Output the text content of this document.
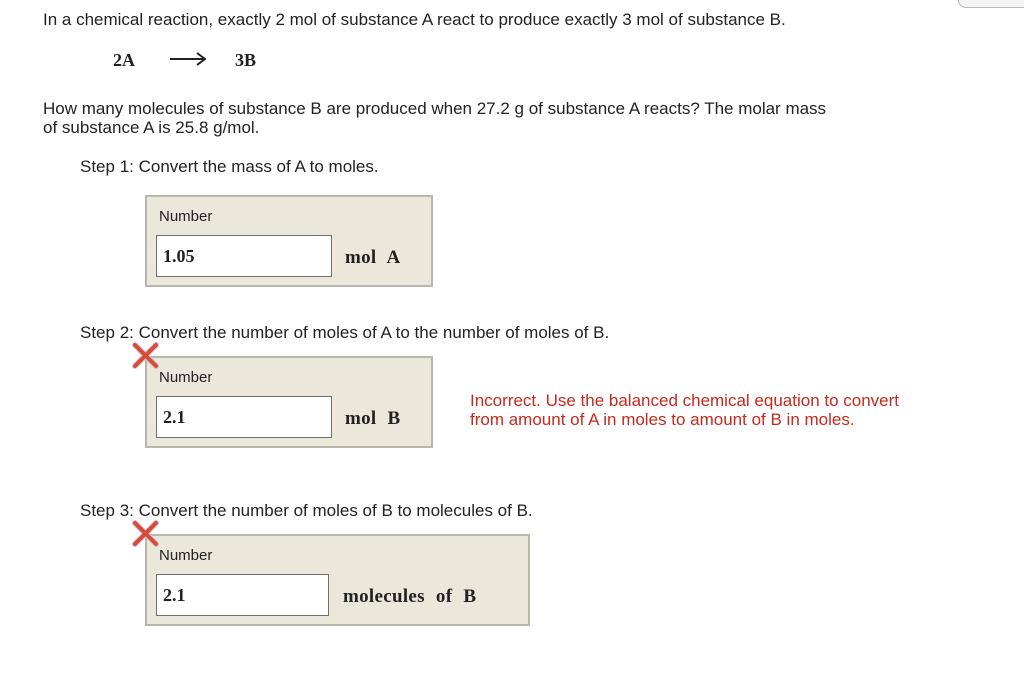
In a chemical reaction, exactly 2 mol of substance A react to produce exactly 3 mol of substance B.
2A	3B
How many molecules of substance B are produced when 27.2 g of substance A reacts? The molar mass
of substance A is 25.8 g/mol.
Step 1: Convert the mass of A to moles.
Number
1.05	mol A
Step 2: Convert the number of moles of A to the number of moles of B.
Number
2.1	mol B
Incorrect. Use the balanced chemical equation to convert
from amount of A in moles to amount of B in moles.
Step 3: Convert the number of moles of B to molecules of B.
Number
2.1	molecules of B
